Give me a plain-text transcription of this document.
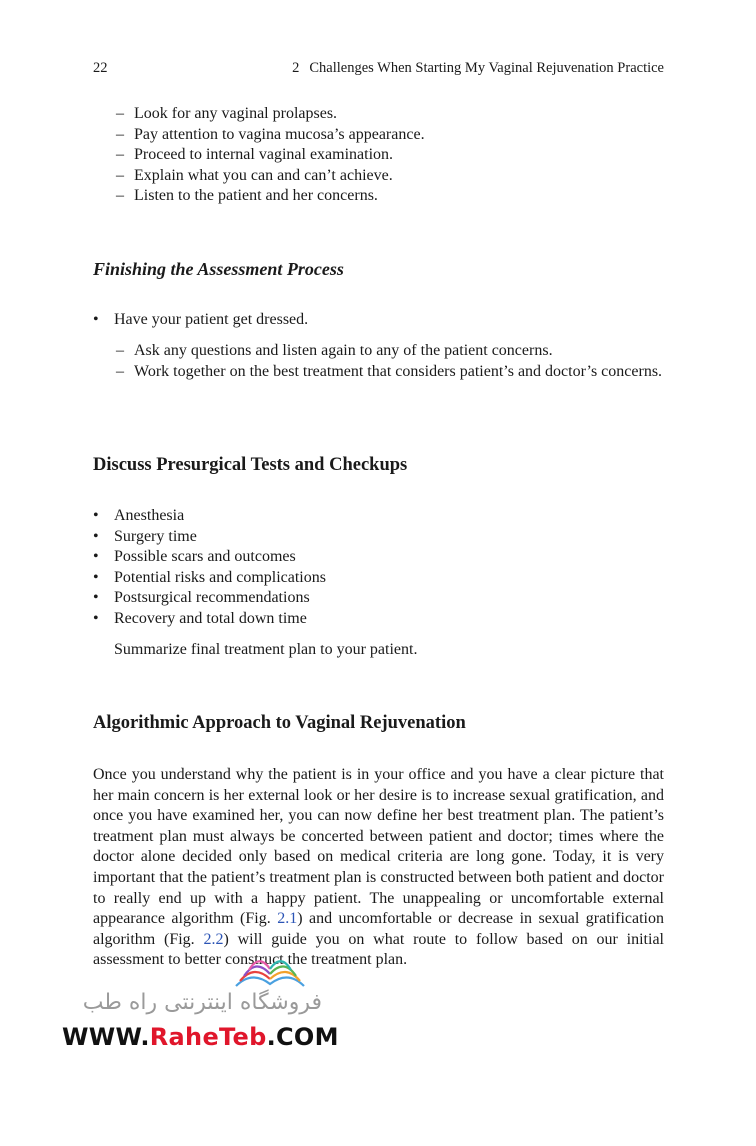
22	2 Challenges When Starting My Vaginal Rejuvenation Practice
– Look for any vaginal prolapses.
– Pay attention to vagina mucosa’s appearance.
– Proceed to internal vaginal examination.
– Explain what you can and can’t achieve.
– Listen to the patient and her concerns.
Finishing the Assessment Process
• Have your patient get dressed.
– Ask any questions and listen again to any of the patient concerns.
– Work together on the best treatment that considers patient’s and doctor’s concerns.
Discuss Presurgical Tests and Checkups
• Anesthesia
• Surgery time
• Possible scars and outcomes
• Potential risks and complications
• Postsurgical recommendations
• Recovery and total down time

Summarize final treatment plan to your patient.

Algorithmic Approach to Vaginal Rejuvenation

Once you understand why the patient is in your office and you have a clear picture that her main concern is her external look or her desire is to increase sexual gratification, and once you have examined her, you can now define her best treatment plan. The patient’s treatment plan must always be concerted between patient and doctor; times where the doctor alone decided only based on medical criteria are long gone. Today, it is very important that the patient’s treatment plan is constructed between both patient and doctor to really end up with a happy patient. The unappealing or uncomfortable external appearance algorithm (Fig. 2.1) and uncomfortable or decrease in sexual gratification algorithm (Fig. 2.2) will guide you on what route to follow based on our initial assessment to better construct the treatment plan.

فروشگاه اینترنتی راه طب
WWW.RaheTeb.COM
